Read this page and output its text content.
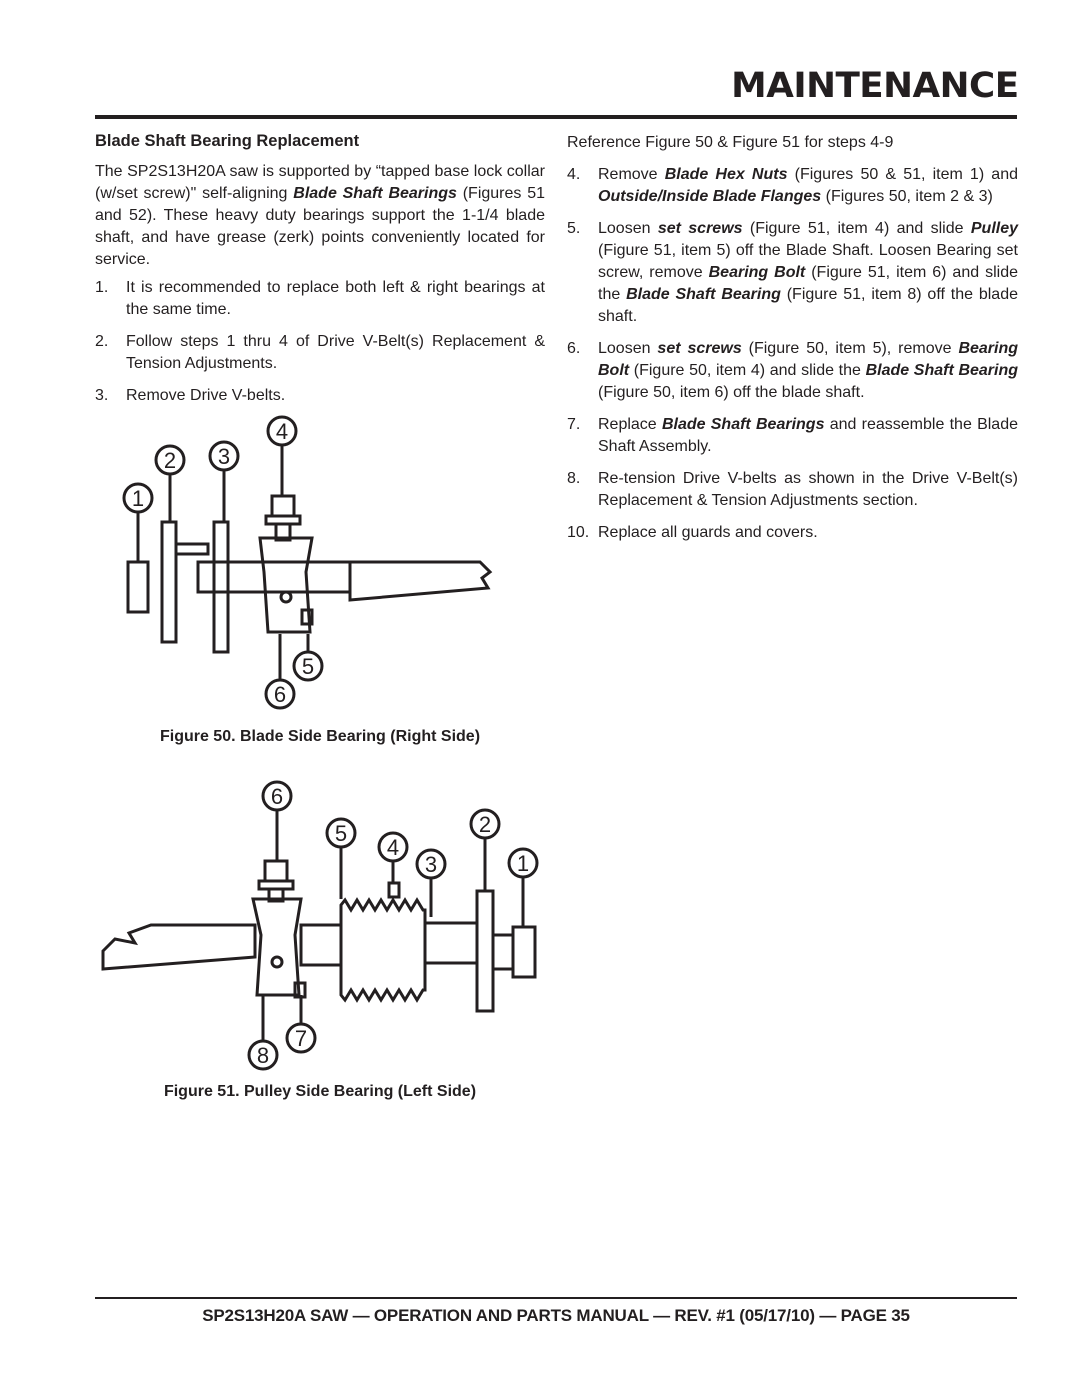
MAINTENANCE
Blade Shaft Bearing Replacement

The SP2S13H20A saw is supported by “tapped base lock collar (w/set screw)" self-aligning Blade Shaft Bearings (Figures 51 and 52). These heavy duty bearings support the 1-1/4 blade shaft, and have grease (zerk) points conveniently located for service.

1.	It is recommended to replace both left & right bearings at the same time.
2.	Follow steps 1 thru 4 of Drive V-Belt(s) Replacement & Tension Adjustments.
3.	Remove Drive V-belts.
Reference Figure 50 & Figure 51 for steps 4-9
4.	Remove Blade Hex Nuts (Figures 50 & 51, item 1) and Outside/Inside Blade Flanges (Figures 50, item 2 & 3)
5.	Loosen set screws (Figure 51, item 4) and slide Pulley (Figure 51, item 5) off the Blade Shaft. Loosen Bearing set screw, remove Bearing Bolt (Figure 51, item 6) and slide the Blade Shaft Bearing (Figure 51, item 8) off the blade shaft.
6.	Loosen set screws (Figure 50, item 5), remove Bearing Bolt (Figure 50, item 4) and slide the Blade Shaft Bearing (Figure 50, item 6) off the blade shaft.
7.	Replace Blade Shaft Bearings and reassemble the Blade Shaft Assembly.
8.	Re-tension Drive V-belts as shown in the Drive V-Belt(s) Replacement & Tension Adjustments section.
10. Replace all guards and covers.
1
2 3
4
5
6
Figure 50. Blade Side Bearing (Right Side)
6
5
4
2
3	1
8
7
Figure 51. Pulley Side Bearing (Left Side)
SP2S13H20A SAW — OPERATION AND PARTS MANUAL — REV. #1 (05/17/10) — PAGE 35
